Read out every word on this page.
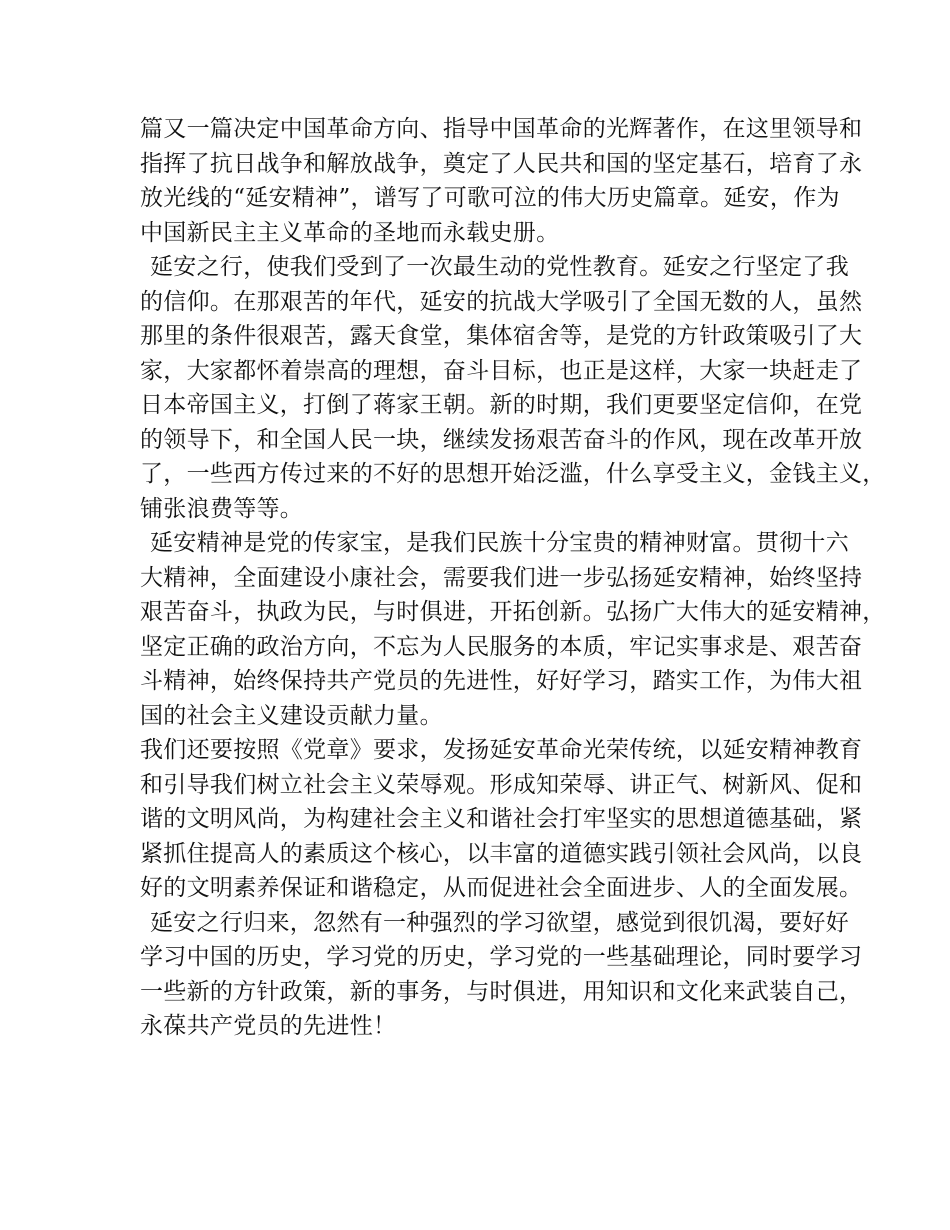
篇又一篇决定中国革命方向、指导中国革命的光辉著作，在这里领导和
指挥了抗日战争和解放战争，奠定了人民共和国的坚定基石，培育了永
放光线的“延安精神”，谱写了可歌可泣的伟大历史篇章。延安，作为
中国新民主主义革命的圣地而永载史册。
延安之行，使我们受到了一次最生动的党性教育。延安之行坚定了我
的信仰。在那艰苦的年代，延安的抗战大学吸引了全国无数的人，虽然
那里的条件很艰苦，露天食堂，集体宿舍等，是党的方针政策吸引了大
家，大家都怀着崇高的理想，奋斗目标，也正是这样，大家一块赶走了
日本帝国主义，打倒了蒋家王朝。新的时期，我们更要坚定信仰，在党
的领导下，和全国人民一块，继续发扬艰苦奋斗的作风，现在改革开放
了，一些西方传过来的不好的思想开始泛滥，什么享受主义，金钱主义，
铺张浪费等等。
延安精神是党的传家宝，是我们民族十分宝贵的精神财富。贯彻十六
大精神，全面建设小康社会，需要我们进一步弘扬延安精神，始终坚持
艰苦奋斗，执政为民，与时俱进，开拓创新。弘扬广大伟大的延安精神，
坚定正确的政治方向，不忘为人民服务的本质，牢记实事求是、艰苦奋
斗精神，始终保持共产党员的先进性，好好学习，踏实工作，为伟大祖
国的社会主义建设贡献力量。
我们还要按照《党章》要求，发扬延安革命光荣传统，以延安精神教育
和引导我们树立社会主义荣辱观。形成知荣辱、讲正气、树新风、促和
谐的文明风尚，为构建社会主义和谐社会打牢坚实的思想道德基础，紧
紧抓住提高人的素质这个核心，以丰富的道德实践引领社会风尚，以良
好的文明素养保证和谐稳定，从而促进社会全面进步、人的全面发展。
延安之行归来，忽然有一种强烈的学习欲望，感觉到很饥渴，要好好
学习中国的历史，学习党的历史，学习党的一些基础理论，同时要学习
一些新的方针政策，新的事务，与时俱进，用知识和文化来武装自己，
永葆共产党员的先进性！
